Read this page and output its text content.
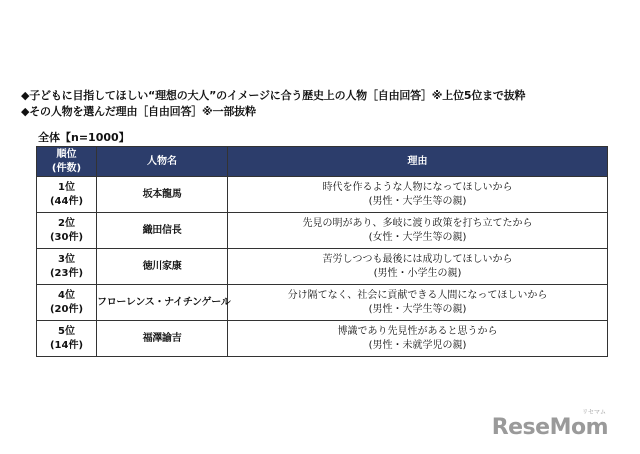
◆子どもに目指してほしい“理想の大人”のイメージに合う歴史上の人物［自由回答］※上位5位まで抜粋
◆その人物を選んだ理由［自由回答］※一部抜粋
全体【n=1000】
順位
(件数)	人物名	理由

1位
(44件)	坂本龍馬	時代を作るような人物になってほしいから
(男性・大学生等の親)

2位
(30件)	織田信長	先見の明があり、多岐に渡り政策を打ち立てたから
(女性・大学生等の親)

3位
(23件)	徳川家康	苦労しつつも最後には成功してほしいから
(男性・小学生の親)

4位
(20件)	フローレンス・ナイチンゲール	分け隔てなく、社会に貢献できる人間になってほしいから
(男性・大学生等の親)

5位
(14件)	福澤諭吉	博識であり先見性があると思うから
(男性・未就学児の親)
リセマム
ReseMom
